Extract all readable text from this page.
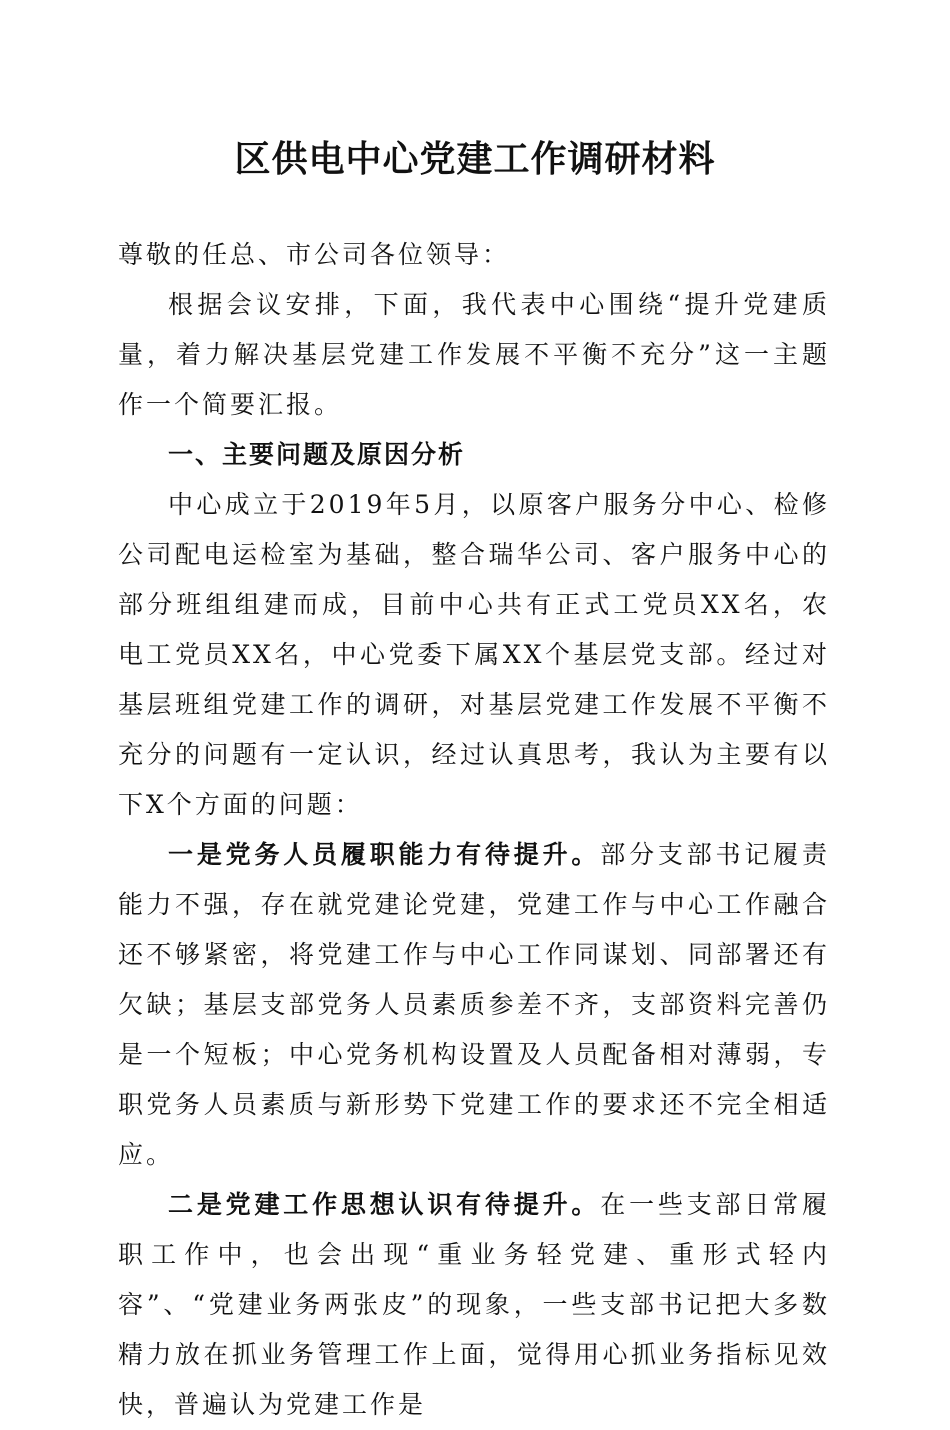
区供电中心党建工作调研材料

尊敬的任总、市公司各位领导：

根据会议安排，下面，我代表中心围绕“提升党建质量，着力解决基层党建工作发展不平衡不充分”这一主题作一个简要汇报。

一、主要问题及原因分析

中心成立于2019年5月，以原客户服务分中心、检修公司配电运检室为基础，整合瑞华公司、客户服务中心的部分班组组建而成，目前中心共有正式工党员XX名，农电工党员XX名，中心党委下属XX个基层党支部。经过对基层班组党建工作的调研，对基层党建工作发展不平衡不充分的问题有一定认识，经过认真思考，我认为主要有以下X个方面的问题：

一是党务人员履职能力有待提升。部分支部书记履责能力不强，存在就党建论党建，党建工作与中心工作融合还不够紧密，将党建工作与中心工作同谋划、同部署还有欠缺；基层支部党务人员素质参差不齐，支部资料完善仍是一个短板；中心党务机构设置及人员配备相对薄弱，专职党务人员素质与新形势下党建工作的要求还不完全相适应。

二是党建工作思想认识有待提升。在一些支部日常履职工作中，也会出现“重业务轻党建、重形式轻内容”、“党建业务两张皮”的现象，一些支部书记把大多数精力放在抓业务管理工作上面，觉得用心抓业务指标见效快，普遍认为党建工作是
